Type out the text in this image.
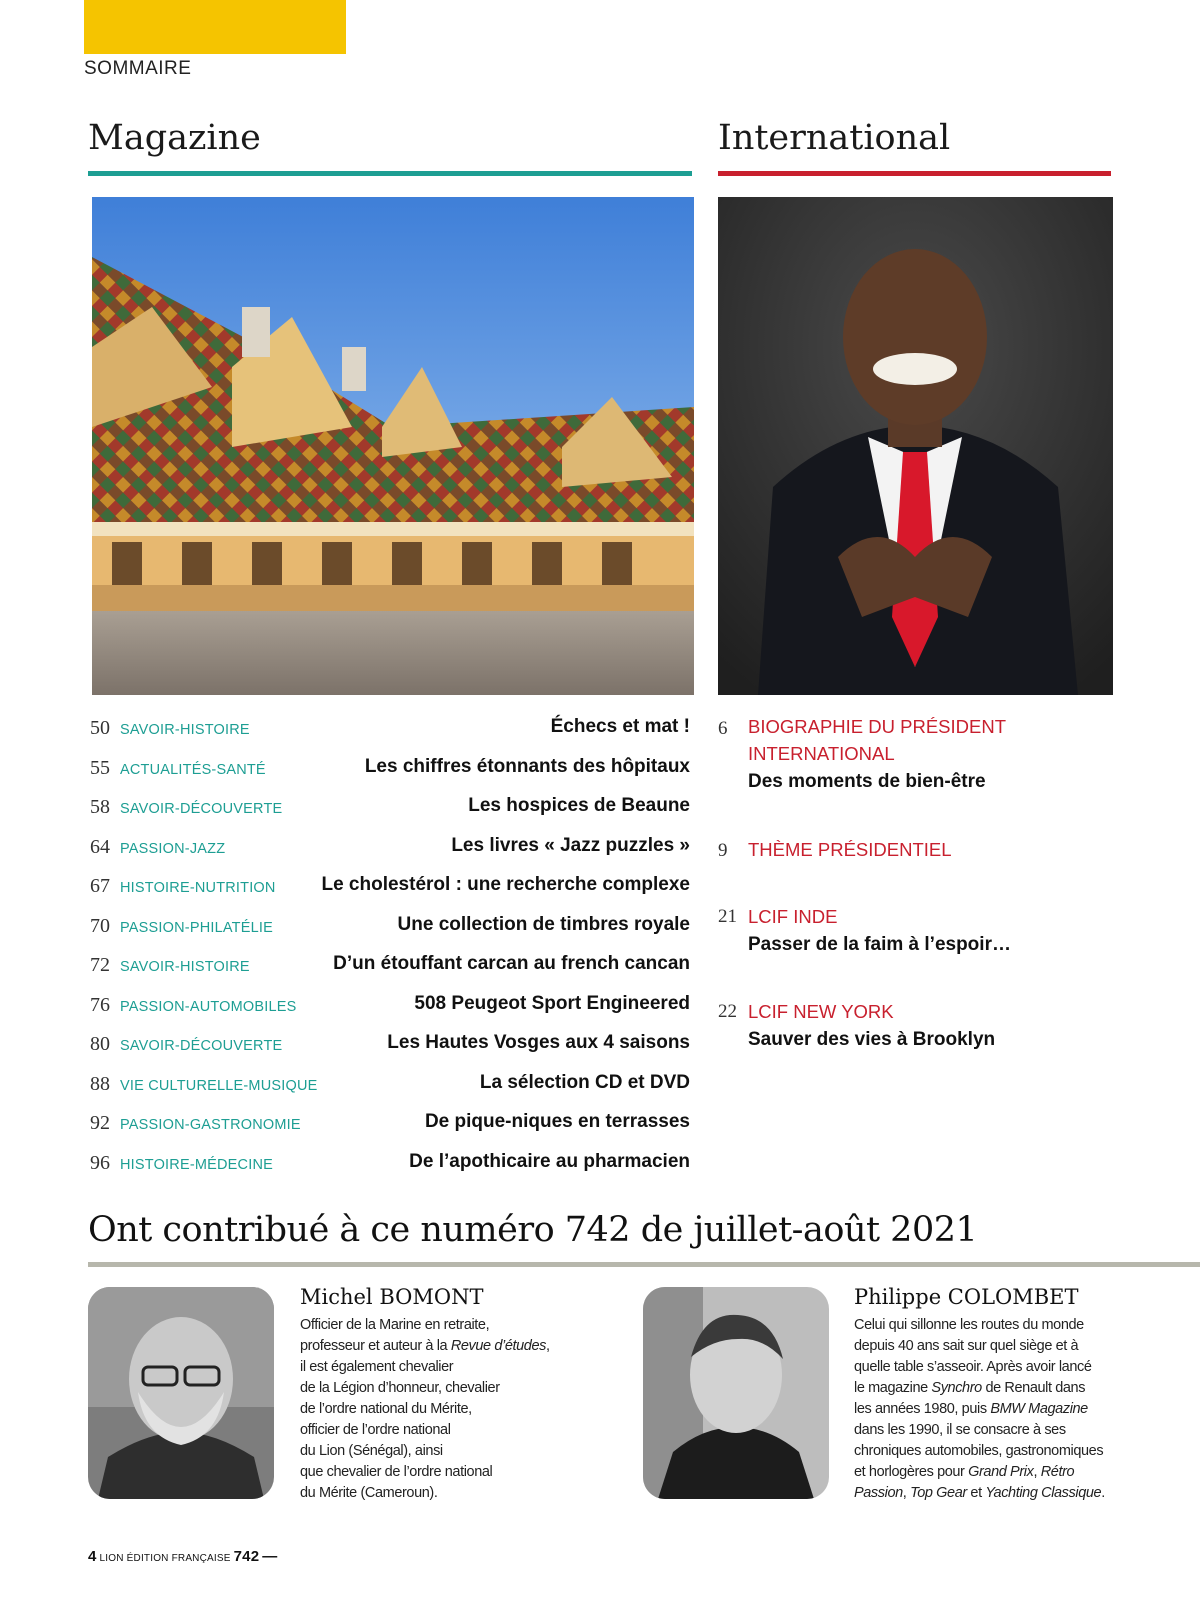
SOMMAIRE
Magazine	International
50 SAVOIR-HISTOIRE	Échecs et mat !
55 ACTUALITÉS-SANTÉ	Les chiffres étonnants des hôpitaux
58 SAVOIR-DÉCOUVERTE	Les hospices de Beaune
64 PASSION-JAZZ	Les livres « Jazz puzzles »
67 HISTOIRE-NUTRITION Le cholestérol : une recherche complexe
70 PASSION-PHILATÉLIE	Une collection de timbres royale
72 SAVOIR-HISTOIRE	D’un étouffant carcan au french cancan
76 PASSION-AUTOMOBILES	508 Peugeot Sport Engineered
80 SAVOIR-DÉCOUVERTE	Les Hautes Vosges aux 4 saisons
88 VIE CULTURELLE-MUSIQUE	La sélection CD et DVD
92 PASSION-GASTRONOMIE	De pique-niques en terrasses
96 HISTOIRE-MÉDECINE	De l’apothicaire au pharmacien
6 BIOGRAPHIE DU PRÉSIDENT INTERNATIONAL
Des moments de bien-être
9 THÈME PRÉSIDENTIEL
21 LCIF INDE
Passer de la faim à l’espoir…
22 LCIF NEW YORK
Sauver des vies à Brooklyn
Ont contribué à ce numéro 742 de juillet-août 2021
Michel BOMONT
Officier de la Marine en retraite,
professeur et auteur à la Revue d’études,
il est également chevalier
de la Légion d’honneur, chevalier
de l’ordre national du Mérite,
officier de l’ordre national
du Lion (Sénégal), ainsi
que chevalier de l’ordre national
du Mérite (Cameroun).
Philippe COLOMBET
Celui qui sillonne les routes du monde
depuis 40 ans sait sur quel siège et à
quelle table s’asseoir. Après avoir lancé
le magazine Synchro de Renault dans
les années 1980, puis BMW Magazine
dans les 1990, il se consacre à ses
chroniques automobiles, gastronomiques
et horlogères pour Grand Prix, Rétro
Passion, Top Gear et Yachting Classique.
4 LION ÉDITION FRANÇAISE 742 —
